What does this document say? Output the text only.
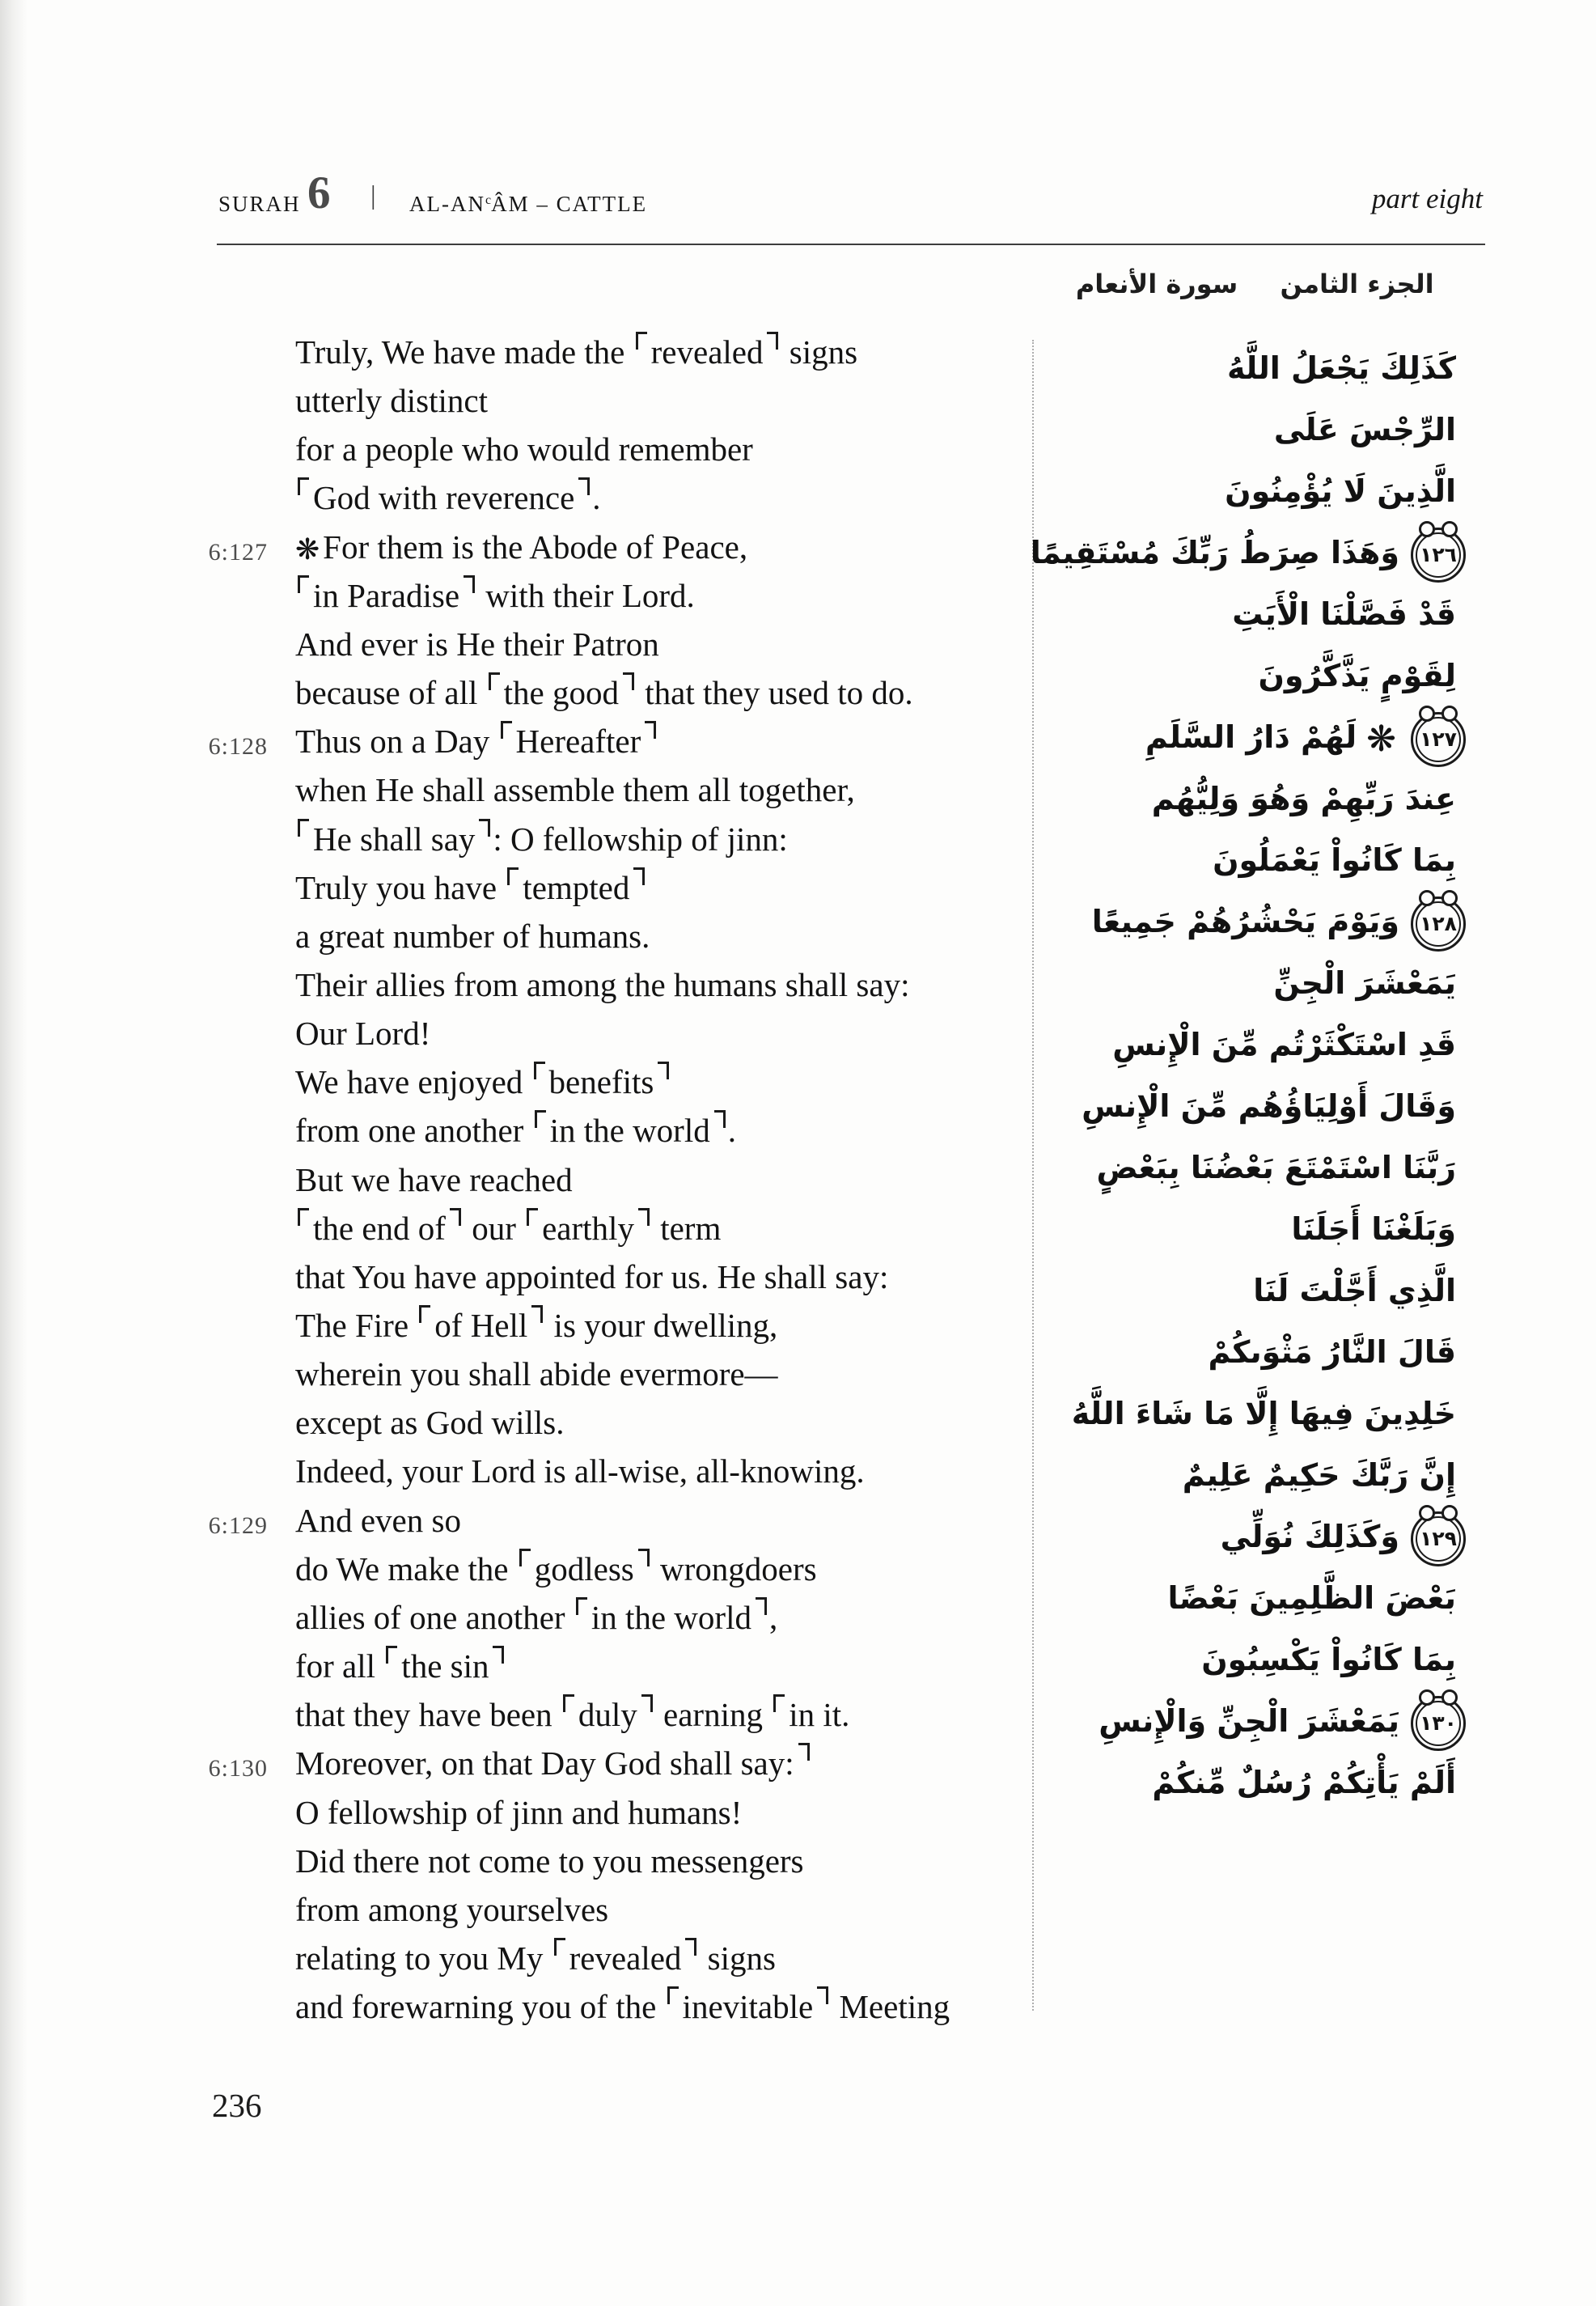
SURAH 6 | $AL-AN^cÂM$ – CATTLE	part eight
الجزء الثامن
سورة الأنعام
Truly, We have made the revealed signs
utterly distinct
for a people who would remember
God with reverence .
6:127 ❋For them is the Abode of Peace,
in Paradise with their Lord.
And ever is He their Patron
because of all the good that they used to do.
6:128 Thus on a Day Hereafter
when He shall assemble them all together,
He shall say : O fellowship of jinn:
Truly you have tempted
a great number of humans.
Their allies from among the humans shall say:
Our Lord!
We have enjoyed benefits
from one another in the world .
But we have reached
the end of our earthly term
that You have appointed for us. He shall say:
The Fire of Hell is your dwelling,
wherein you shall abide evermore—
except as God wills.
Indeed, your Lord is all-wise, all-knowing.
6:129 And even so
do We make the godless wrongdoers
allies of one another in the world ,
for all the sin
that they have been duly earning in it.
6:130 Moreover, on that Day God shall say:
O fellowship of jinn and humans!
Did there not come to you messengers
from among yourselves
relating to you My revealed signs
and forewarning you of the inevitable Meeting
كَذَلِكَ يَجْعَلُ اللَّهُ
الرِّجْسَ عَلَى
الَّذِينَ لَا يُؤْمِنُونَ
١٢٦
وَهَذَا صِرَطُ رَبِّكَ مُسْتَقِيمًا
قَدْ فَصَّلْنَا الْأَيَتِ
لِقَوْمٍ يَذَّكَّرُونَ
١٢٧
❋لَهُمْ دَارُ السَّلَمِ
عِندَ رَبِّهِمْ وَهُوَ وَلِيُّهُم
بِمَا كَانُواْ يَعْمَلُونَ
١٢٨
وَيَوْمَ يَحْشُرُهُمْ جَمِيعًا
يَمَعْشَرَ الْجِنِّ
قَدِ اسْتَكْثَرْتُم مِّنَ الْإِنسِ
وَقَالَ أَوْلِيَاؤُهُم مِّنَ الْإِنسِ
رَبَّنَا اسْتَمْتَعَ بَعْضُنَا بِبَعْضٍ
وَبَلَغْنَا أَجَلَنَا
الَّذِي أَجَّلْتَ لَنَا
قَالَ النَّارُ مَثْوَىكُمْ
خَلِدِينَ فِيهَا إِلَّا مَا شَاءَ اللَّهُ
إِنَّ رَبَّكَ حَكِيمٌ عَلِيمٌ
١٢٩
وَكَذَلِكَ نُوَلِّي
بَعْضَ الظَّلِمِينَ بَعْضًا
بِمَا كَانُواْ يَكْسِبُونَ
١٣٠
يَمَعْشَرَ الْجِنِّ وَالْإِنسِ
أَلَمْ يَأْتِكُمْ رُسُلٌ مِّنكُمْ
236
